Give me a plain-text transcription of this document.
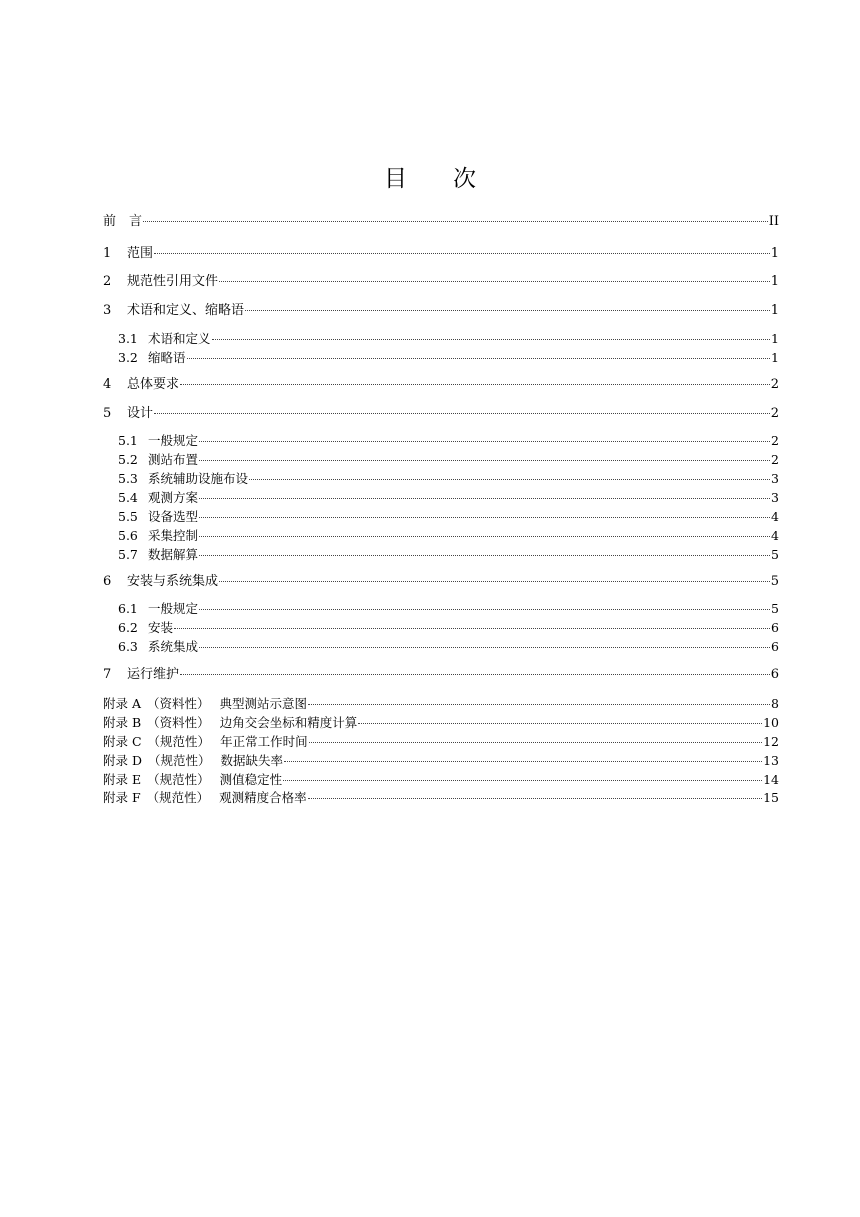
目　　次
前　言	II
1	范围	1
2	规范性引用文件	1
3	术语和定义、缩略语	1
3.1 术语和定义	1
3.2 缩略语	1
4	总体要求	2
5	设计	2
5.1 一般规定	2
5.2 测站布置	2
5.3 系统辅助设施布设	3
5.4 观测方案	3
5.5 设备选型	4
5.6 采集控制	4
5.7 数据解算	5
6	安装与系统集成	5
6.1 一般规定	5
6.2 安装	6
6.3 系统集成	6
7	运行维护	6
附录 A （资料性） 典型测站示意图	8
附录 B （资料性） 边角交会坐标和精度计算	10
附录 C （规范性） 年正常工作时间	12
附录 D （规范性） 数据缺失率	13
附录 E （规范性） 测值稳定性	14
附录 F （规范性） 观测精度合格率	15
